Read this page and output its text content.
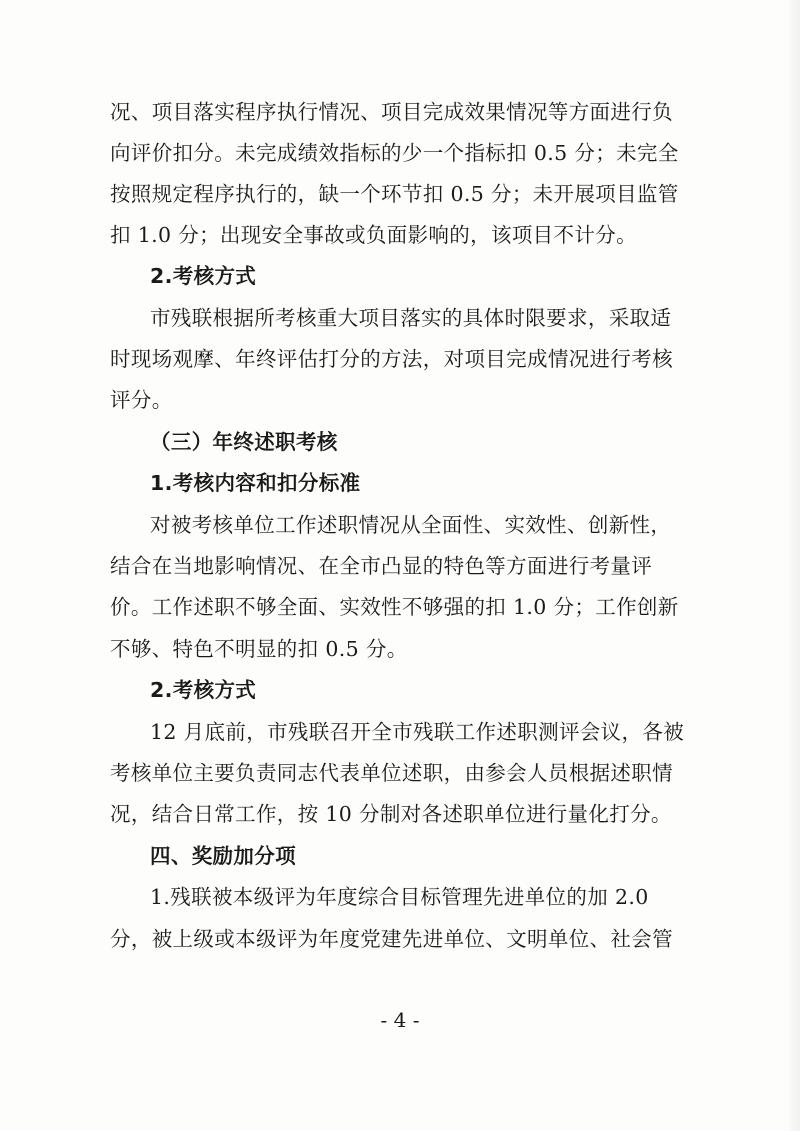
况、项目落实程序执行情况、项目完成效果情况等方面进行负
向评价扣分。未完成绩效指标的少一个指标扣 0.5 分；未完全
按照规定程序执行的，缺一个环节扣 0.5 分；未开展项目监管
扣 1.0 分；出现安全事故或负面影响的，该项目不计分。
2.考核方式
市残联根据所考核重大项目落实的具体时限要求，采取适
时现场观摩、年终评估打分的方法，对项目完成情况进行考核
评分。
（三）年终述职考核
1.考核内容和扣分标准
对被考核单位工作述职情况从全面性、实效性、创新性，
结合在当地影响情况、在全市凸显的特色等方面进行考量评
价。工作述职不够全面、实效性不够强的扣 1.0 分；工作创新
不够、特色不明显的扣 0.5 分。
2.考核方式
12 月底前，市残联召开全市残联工作述职测评会议，各被
考核单位主要负责同志代表单位述职，由参会人员根据述职情
况，结合日常工作，按 10 分制对各述职单位进行量化打分。
四、奖励加分项
1.残联被本级评为年度综合目标管理先进单位的加 2.0
分，被上级或本级评为年度党建先进单位、文明单位、社会管
- 4 -
